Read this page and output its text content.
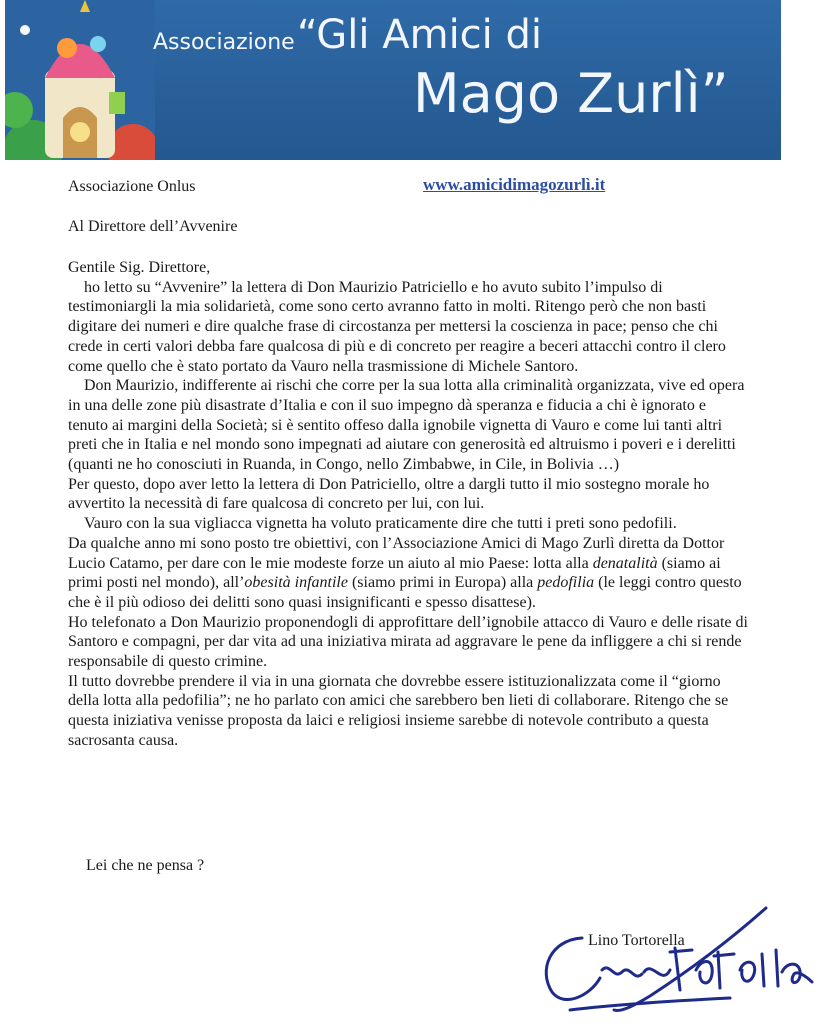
Associazione “Gli Amici di
Mago Zurlì”
Associazione Onlus	www.amicidimagozurlì.it
Al Direttore dell’Avvenire

Gentile Sig. Direttore,

ho letto su “Avvenire” la lettera di Don Maurizio Patriciello e ho avuto subito l’impulso di testimoniargli la mia solidarietà, come sono certo avranno fatto in molti. Ritengo però che non basti digitare dei numeri e dire qualche frase di circostanza per mettersi la coscienza in pace; penso che chi crede in certi valori debba fare qualcosa di più e di concreto per reagire a beceri attacchi contro il clero come quello che è stato portato da Vauro nella trasmissione di Michele Santoro.

Don Maurizio, indifferente ai rischi che corre per la sua lotta alla criminalità organizzata, vive ed opera in una delle zone più disastrate d’Italia e con il suo impegno dà speranza e fiducia a chi è ignorato e tenuto ai margini della Società; si è sentito offeso dalla ignobile vignetta di Vauro e come lui tanti altri preti che in Italia e nel mondo sono impegnati ad aiutare con generosità ed altruismo i poveri e i derelitti (quanti ne ho conosciuti in Ruanda, in Congo, nello Zimbabwe, in Cile, in Bolivia …)

Per questo, dopo aver letto la lettera di Don Patriciello, oltre a dargli tutto il mio sostegno morale ho avvertito la necessità di fare qualcosa di concreto per lui, con lui.

Vauro con la sua vigliacca vignetta ha voluto praticamente dire che tutti i preti sono pedofili.

Da qualche anno mi sono posto tre obiettivi, con l’Associazione Amici di Mago Zurlì diretta da Dottor Lucio Catamo, per dare con le mie modeste forze un aiuto al mio Paese: lotta alla denatalità (siamo ai primi posti nel mondo), all’obesità infantile (siamo primi in Europa) alla pedofilia (le leggi contro questo che è il più odioso dei delitti sono quasi insignificanti e spesso disattese).

Ho telefonato a Don Maurizio proponendogli di approfittare dell’ignobile attacco di Vauro e delle risate di Santoro e compagni, per dar vita ad una iniziativa mirata ad aggravare le pene da infliggere a chi si rende responsabile di questo crimine.

Il tutto dovrebbe prendere il via in una giornata che dovrebbe essere istituzionalizzata come il “giorno della lotta alla pedofilia”; ne ho parlato con amici che sarebbero ben lieti di collaborare. Ritengo che se questa iniziativa venisse proposta da laici e religiosi insieme sarebbe di notevole contributo a questa sacrosanta causa.

Lei che ne pensa ?
Lino Tortorella
